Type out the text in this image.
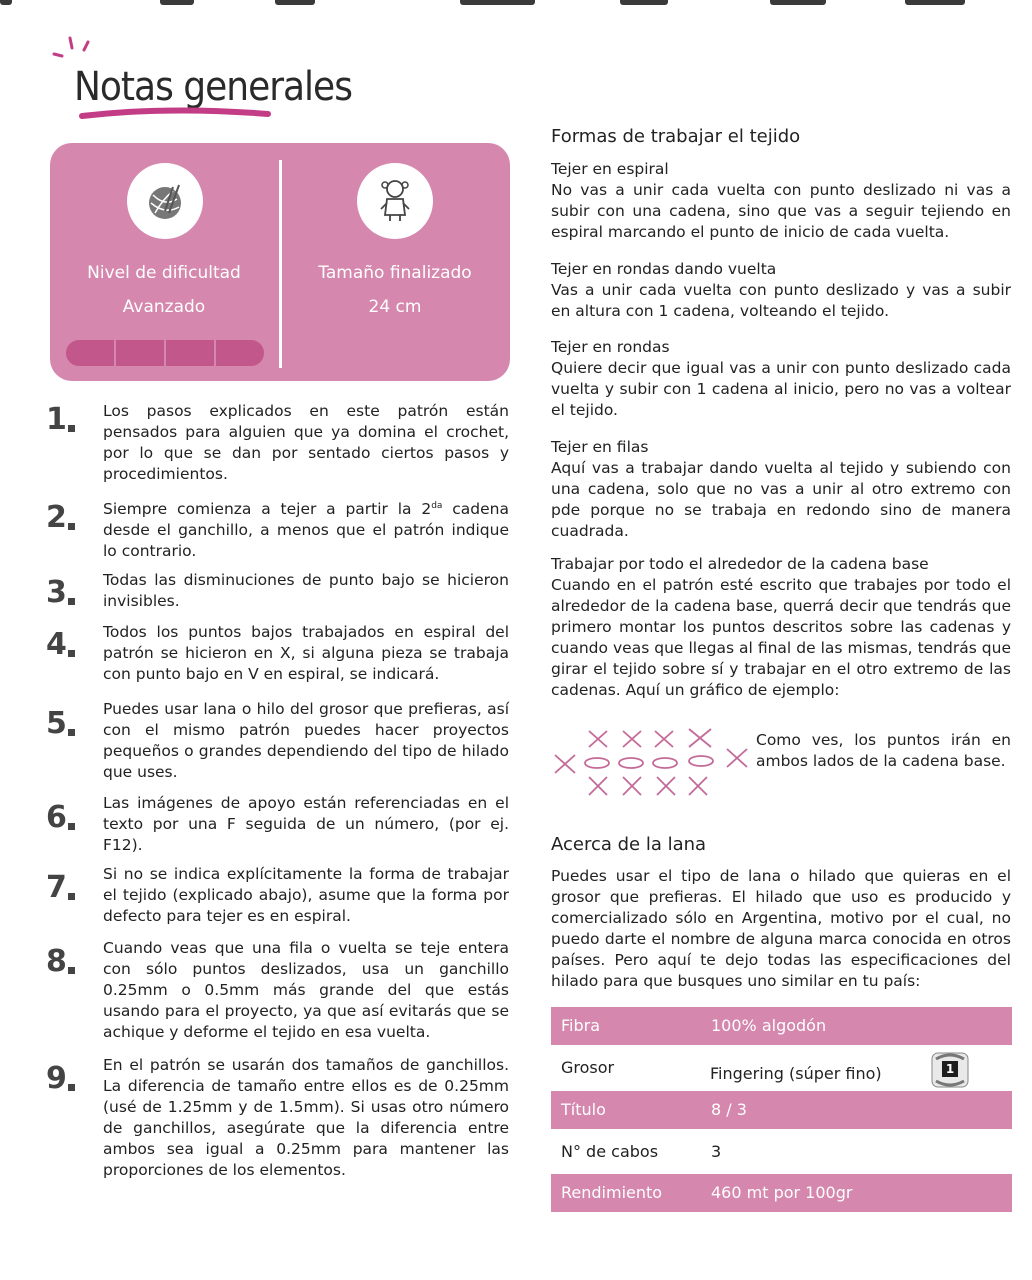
Notas generales
Nivel de dificultad
Avanzado
Tamaño finalizado
24 cm
1 Los pasos explicados en este patrón están pensados para alguien que ya domina el crochet, por lo que se dan por sentado ciertos pasos y procedimientos.
2 Siempre comienza a tejer a partir la $2^{da}$ cadena desde el ganchillo, a menos que el patrón indique lo contrario.
3 Todas las disminuciones de punto bajo se hicieron invisibles.
4 Todos los puntos bajos trabajados en espiral del patrón se hicieron en X, si alguna pieza se trabaja con punto bajo en V en espiral, se indicará.
5 Puedes usar lana o hilo del grosor que prefieras, así con el mismo patrón puedes hacer proyectos pequeños o grandes dependiendo del tipo de hilado que uses.
6 Las imágenes de apoyo están referenciadas en el texto por una F seguida de un número, (por ej. F12).
7 Si no se indica explícitamente la forma de trabajar el tejido (explicado abajo), asume que la forma por defecto para tejer es en espiral.
8 Cuando veas que una fila o vuelta se teje entera con sólo puntos deslizados, usa un ganchillo 0.25mm o 0.5mm más grande del que estás usando para el proyecto, ya que así evitarás que se achique y deforme el tejido en esa vuelta.
9 En el patrón se usarán dos tamaños de ganchillos. La diferencia de tamaño entre ellos es de 0.25mm (usé de 1.25mm y de 1.5mm). Si usas otro número de ganchillos, asegúrate que la diferencia entre ambos sea igual a 0.25mm para mantener las proporciones de los elementos.
Formas de trabajar el tejido
Tejer en espiral
No vas a unir cada vuelta con punto deslizado ni vas a subir con una cadena, sino que vas a seguir tejiendo en espiral marcando el punto de inicio de cada vuelta.
Tejer en rondas dando vuelta
Vas a unir cada vuelta con punto deslizado y vas a subir en altura con 1 cadena, volteando el tejido.
Tejer en rondas
Quiere decir que igual vas a unir con punto deslizado cada vuelta y subir con 1 cadena al inicio, pero no vas a voltear el tejido.
Tejer en filas
Aquí vas a trabajar dando vuelta al tejido y subiendo con una cadena, solo que no vas a unir al otro extremo con pde porque no se trabaja en redondo sino de manera cuadrada.
Trabajar por todo el alrededor de la cadena base
Cuando en el patrón esté escrito que trabajes por todo el alrededor de la cadena base, querrá decir que tendrás que primero montar los puntos descritos sobre las cadenas y cuando veas que llegas al final de las mismas, tendrás que girar el tejido sobre sí y trabajar en el otro extremo de las cadenas. Aquí un gráfico de ejemplo:
Como ves, los puntos irán en ambos lados de la cadena base.
Acerca de la lana
Puedes usar el tipo de lana o hilado que quieras en el grosor que prefieras. El hilado que uso es producido y comercializado sólo en Argentina, motivo por el cual, no puedo darte el nombre de alguna marca conocida en otros países. Pero aquí te dejo todas las especificaciones del hilado para que busques uno similar en tu país:
Fibra	100% algodón
Grosor	Fingering (súper fino)	1
Título	8 / 3
N° de cabos	3
Rendimiento	460 mt por 100gr
